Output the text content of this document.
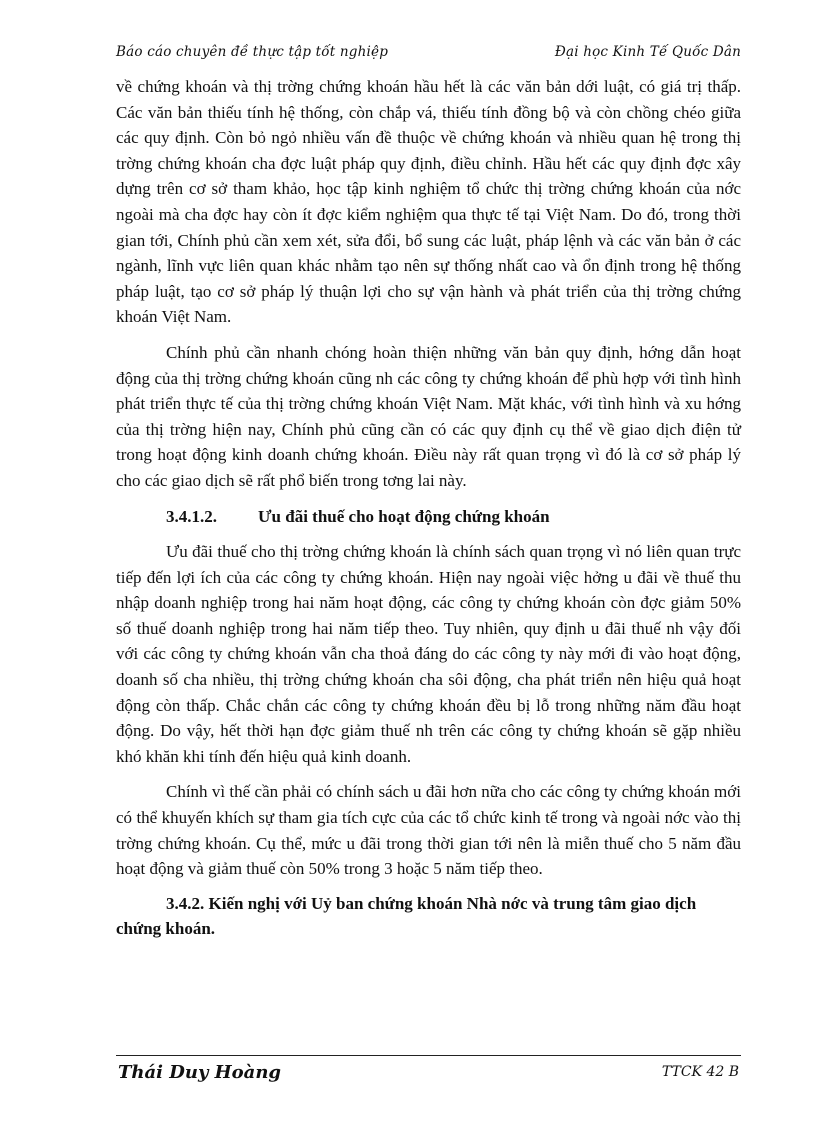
Báo cáo chuyên đề thực tập tốt nghiệp	Đại học Kinh Tế Quốc Dân

về chứng khoán và thị trờng chứng khoán hầu hết là các văn bản dới luật, có giá trị thấp. Các văn bản thiếu tính hệ thống, còn chắp vá, thiếu tính đồng bộ và còn chồng chéo giữa các quy định. Còn bỏ ngỏ nhiều vấn đề thuộc về chứng khoán và nhiều quan hệ trong thị trờng chứng khoán cha đợc luật pháp quy định, điều chỉnh. Hầu hết các quy định đợc xây dựng trên cơ sở tham khảo, học tập kinh nghiệm tổ chức thị trờng chứng khoán của nớc ngoài mà cha đợc hay còn ít đợc kiểm nghiệm qua thực tế tại Việt Nam. Do đó, trong thời gian tới, Chính phủ cần xem xét, sửa đổi, bổ sung các luật, pháp lệnh và các văn bản ở các ngành, lĩnh vực liên quan khác nhằm tạo nên sự thống nhất cao và ổn định trong hệ thống pháp luật, tạo cơ sở pháp lý thuận lợi cho sự vận hành và phát triển của thị trờng chứng khoán Việt Nam.

Chính phủ cần nhanh chóng hoàn thiện những văn bản quy định, hớng dẫn hoạt động của thị trờng chứng khoán cũng nh các công ty chứng khoán để phù hợp với tình hình phát triển thực tế của thị trờng chứng khoán Việt Nam. Mặt khác, với tình hình và xu hớng của thị trờng hiện nay, Chính phủ cũng cần có các quy định cụ thể về giao dịch điện tử trong hoạt động kinh doanh chứng khoán. Điều này rất quan trọng vì đó là cơ sở pháp lý cho các giao dịch sẽ rất phổ biến trong tơng lai này.

3.4.1.2. Ưu đãi thuế cho hoạt động chứng khoán

Ưu đãi thuế cho thị trờng chứng khoán là chính sách quan trọng vì nó liên quan trực tiếp đến lợi ích của các công ty chứng khoán. Hiện nay ngoài việc hởng u đãi về thuế thu nhập doanh nghiệp trong hai năm hoạt động, các công ty chứng khoán còn đợc giảm 50% số thuế doanh nghiệp trong hai năm tiếp theo. Tuy nhiên, quy định u đãi thuế nh vậy đối với các công ty chứng khoán vẫn cha thoả đáng do các công ty này mới đi vào hoạt động, doanh số cha nhiều, thị trờng chứng khoán cha sôi động, cha phát triển nên hiệu quả hoạt động còn thấp. Chắc chắn các công ty chứng khoán đều bị lỗ trong những năm đầu hoạt động. Do vậy, hết thời hạn đợc giảm thuế nh trên các công ty chứng khoán sẽ gặp nhiều khó khăn khi tính đến hiệu quả kinh doanh.

Chính vì thế cần phải có chính sách u đãi hơn nữa cho các công ty chứng khoán mới có thể khuyến khích sự tham gia tích cực của các tổ chức kinh tế trong và ngoài nớc vào thị trờng chứng khoán. Cụ thể, mức u đãi trong thời gian tới nên là miễn thuế cho 5 năm đầu hoạt động và giảm thuế còn 50% trong 3 hoặc 5 năm tiếp theo.

3.4.2. Kiến nghị với Uỷ ban chứng khoán Nhà nớc và trung tâm giao dịch chứng khoán.
Thái Duy Hoàng	TTCK 42 B
